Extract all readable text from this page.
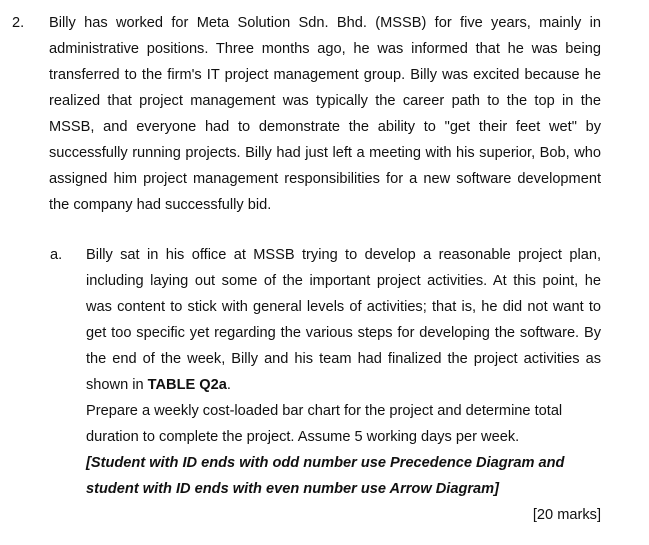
2. Billy has worked for Meta Solution Sdn. Bhd. (MSSB) for five years, mainly in administrative positions. Three months ago, he was informed that he was being transferred to the firm's IT project management group. Billy was excited because he realized that project management was typically the career path to the top in the MSSB, and everyone had to demonstrate the ability to "get their feet wet" by successfully running projects. Billy had just left a meeting with his superior, Bob, who assigned him project management responsibilities for a new software development the company had successfully bid.
a. Billy sat in his office at MSSB trying to develop a reasonable project plan, including laying out some of the important project activities. At this point, he was content to stick with general levels of activities; that is, he did not want to get too specific yet regarding the various steps for developing the software. By the end of the week, Billy and his team had finalized the project activities as shown in TABLE Q2a.

Prepare a weekly cost-loaded bar chart for the project and determine total duration to complete the project. Assume 5 working days per week.

[Student with ID ends with odd number use Precedence Diagram and student with ID ends with even number use Arrow Diagram]

[20 marks]
